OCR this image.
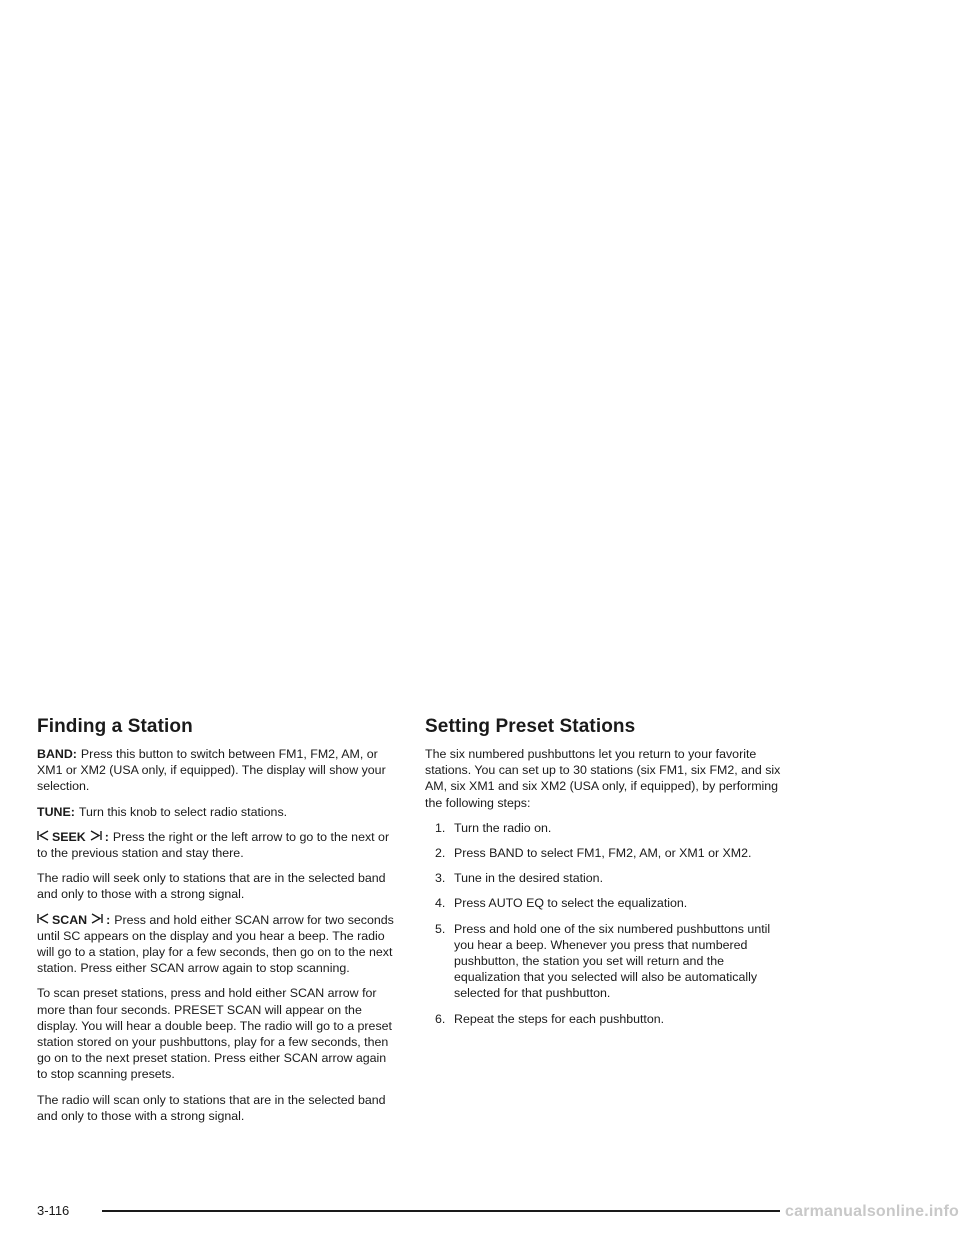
Finding a Station

BAND: Press this button to switch between FM1, FM2, AM, or XM1 or XM2 (USA only, if equipped). The display will show your selection.

TUNE: Turn this knob to select radio stations.

SEEK : Press the right or the left arrow to go to the next or to the previous station and stay there.

The radio will seek only to stations that are in the selected band and only to those with a strong signal.

SCAN : Press and hold either SCAN arrow for two seconds until SC appears on the display and you hear a beep. The radio will go to a station, play for a few seconds, then go on to the next station. Press either SCAN arrow again to stop scanning.

To scan preset stations, press and hold either SCAN arrow for more than four seconds. PRESET SCAN will appear on the display. You will hear a double beep. The radio will go to a preset station stored on your pushbuttons, play for a few seconds, then go on to the next preset station. Press either SCAN arrow again to stop scanning presets.

The radio will scan only to stations that are in the selected band and only to those with a strong signal.

Setting Preset Stations

The six numbered pushbuttons let you return to your favorite stations. You can set up to 30 stations (six FM1, six FM2, and six AM, six XM1 and six XM2 (USA only, if equipped), by performing the following steps:

1. Turn the radio on.
2. Press BAND to select FM1, FM2, AM, or XM1 or XM2.
3. Tune in the desired station.
4. Press AUTO EQ to select the equalization.
5. Press and hold one of the six numbered pushbuttons until you hear a beep. Whenever you press that numbered pushbutton, the station you set will return and the equalization that you selected will also be automatically selected for that pushbutton.
6. Repeat the steps for each pushbutton.
3-116	carmanualsonline.info
